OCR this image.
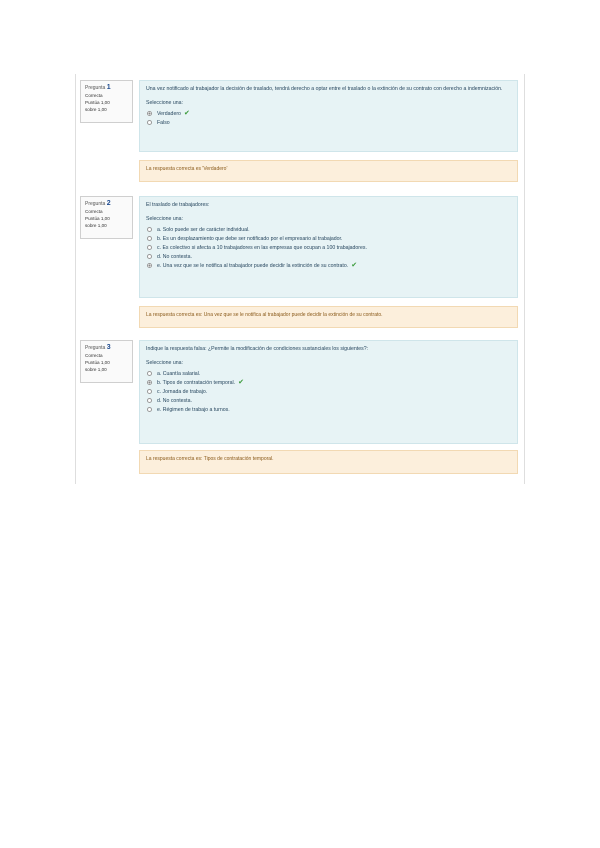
Pregunta 1
Correcta
Puntúa 1,00
sobre 1,00
Una vez notificado al trabajador la decisión de traslado, tendrá derecho a optar entre el traslado o la extinción de su contrato con derecho a indemnización.
Seleccione una:
Verdadero ✔
Falso
La respuesta correcta es 'Verdadero'
Pregunta 2
Correcta
Puntúa 1,00
sobre 1,00
El traslado de trabajadores:
Seleccione una:
a. Solo puede ser de carácter individual.
b. Es un desplazamiento que debe ser notificado por el empresario al trabajador.
c. Es colectivo si afecta a 10 trabajadores en las empresas que ocupan a 100 trabajadores.
d. No contesta.
e. Una vez que se le notifica al trabajador puede decidir la extinción de su contrato. ✔
La respuesta correcta es: Una vez que se le notifica al trabajador puede decidir la extinción de su contrato.
Pregunta 3
Correcta
Puntúa 1,00
sobre 1,00
Indique la respuesta falsa: ¿Permite la modificación de condiciones sustanciales los siguientes?:
Seleccione una:
a. Cuantía salarial.
b. Tipos de contratación temporal. ✔
c. Jornada de trabajo.
d. No contesta.
e. Régimen de trabajo a turnos.
La respuesta correcta es: Tipos de contratación temporal.
